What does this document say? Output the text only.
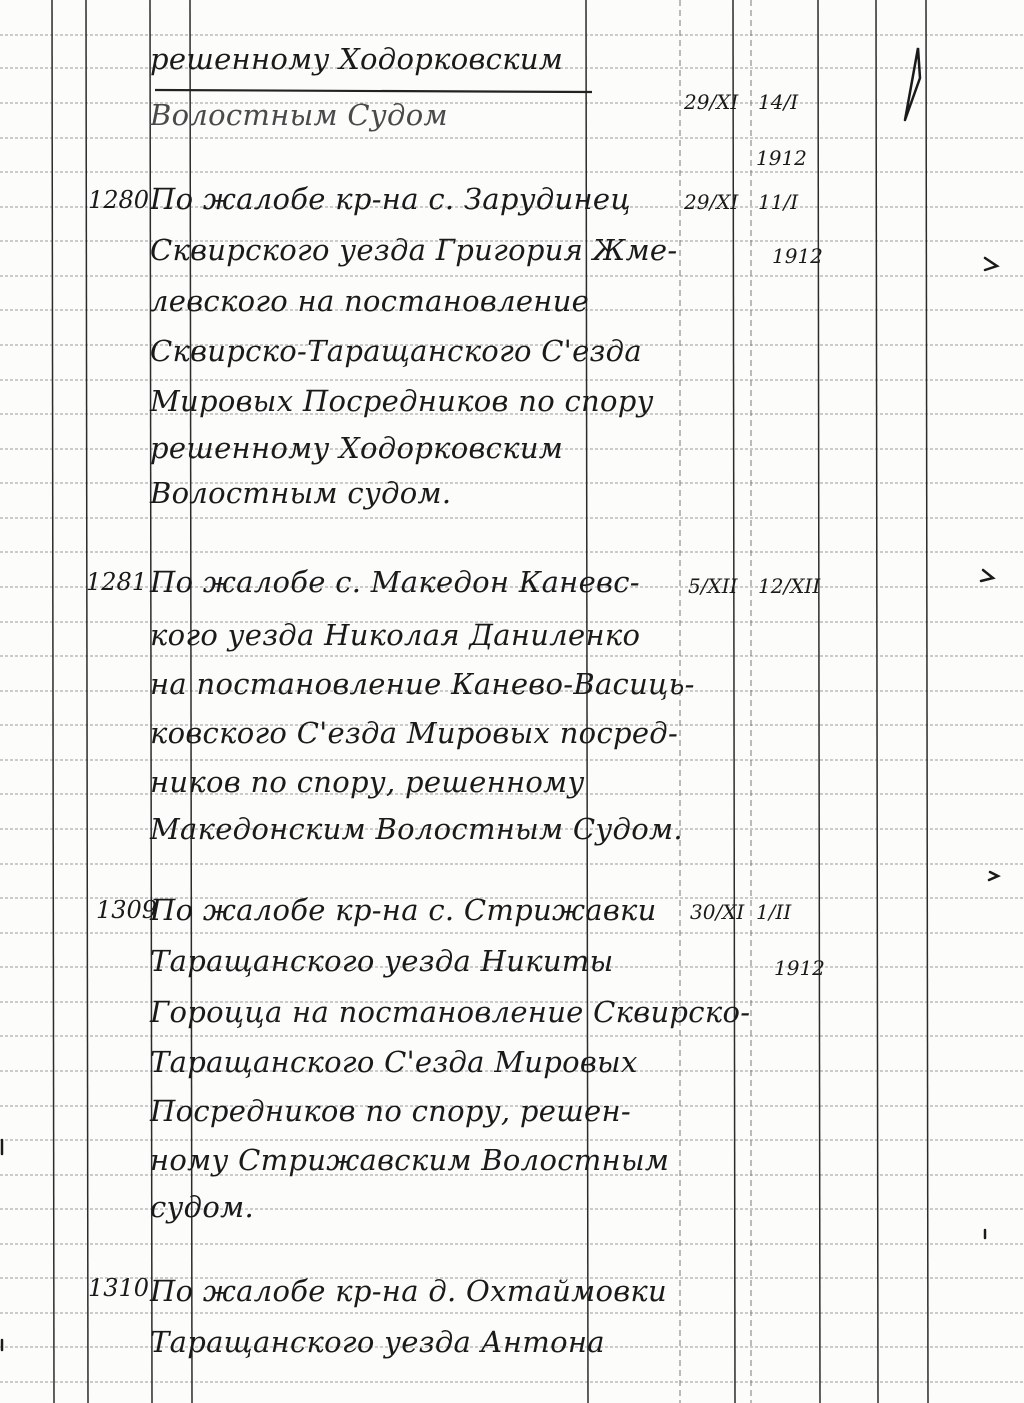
решенному Ходорковским
Волостным Судом	29/XI 14/I
1912
1280 По жалобе кр-на с. Зарудинец
Сквирского уезда Григория Жме-
левского на постановление
Сквирско-Таращанского С'езда
Мировых Посредников по спору
решенному Ходорковским
Волостным судом.
29/XI 11/I
1912
1281 По жалобе с. Македон Каневс-
кого уезда Николая Даниленко
на постановление Канево-Васиць-
ковского С'езда Мировых посред-
ников по спору, решенному
Македонским Волостным Судом.
5/XII 12/XII
1309
По жалобе кр-на с. Стрижавки
Таращанского уезда Никиты
Гороцца на постановление Сквирско-
Таращанского С'езда Мировых
Посредников по спору, решен-
ному Стрижавским Волостным
судом.
30/XI 1/II
1912
1310 По жалобе кр-на д. Охтаймовки
Таращанского уезда Антона
